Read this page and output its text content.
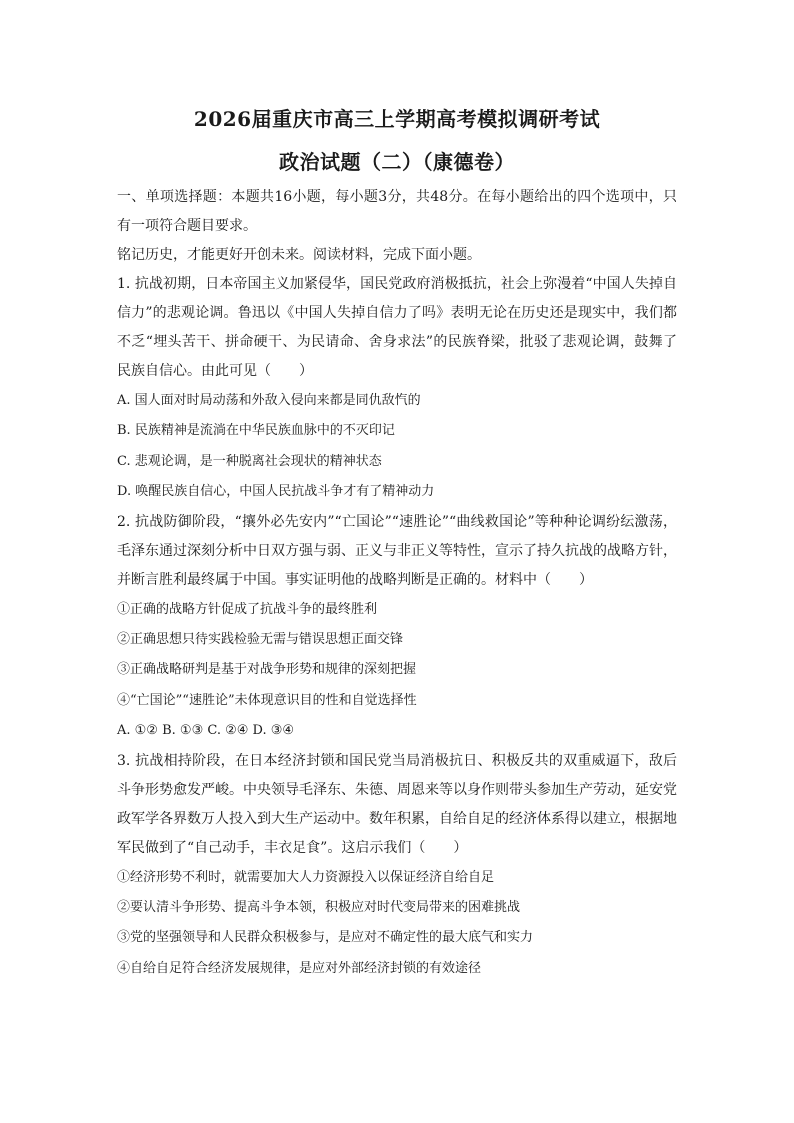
2026届重庆市高三上学期高考模拟调研考试
政治试题（二）（康德卷）

一、单项选择题：本题共16小题，每小题3分，共48分。在每小题给出的四个选项中，只有一项符合题目要求。

铭记历史，才能更好开创未来。阅读材料，完成下面小题。

1. 抗战初期，日本帝国主义加紧侵华，国民党政府消极抵抗，社会上弥漫着“中国人失掉自信力”的悲观论调。鲁迅以《中国人失掉自信力了吗》表明无论在历史还是现实中，我们都不乏“埋头苦干、拼命硬干、为民请命、舍身求法”的民族脊梁，批驳了悲观论调，鼓舞了民族自信心。由此可见（　　）

A. 国人面对时局动荡和外敌入侵向来都是同仇敌忾的

B. 民族精神是流淌在中华民族血脉中的不灭印记

C. 悲观论调，是一种脱离社会现状的精神状态

D. 唤醒民族自信心，中国人民抗战斗争才有了精神动力

2. 抗战防御阶段，“攘外必先安内”“亡国论”“速胜论”“曲线救国论”等种种论调纷纭激荡，毛泽东通过深刻分析中日双方强与弱、正义与非正义等特性，宣示了持久抗战的战略方针，并断言胜利最终属于中国。事实证明他的战略判断是正确的。材料中（　　）

①正确的战略方针促成了抗战斗争的最终胜利

②正确思想只待实践检验无需与错误思想正面交锋

③正确战略研判是基于对战争形势和规律的深刻把握

④“亡国论”“速胜论”未体现意识目的性和自觉选择性

A. ①② B. ①③ C. ②④ D. ③④

3. 抗战相持阶段，在日本经济封锁和国民党当局消极抗日、积极反共的双重威逼下，敌后斗争形势愈发严峻。中央领导毛泽东、朱德、周恩来等以身作则带头参加生产劳动，延安党政军学各界数万人投入到大生产运动中。数年积累，自给自足的经济体系得以建立，根据地军民做到了“自己动手，丰衣足食”。这启示我们（　　）

①经济形势不利时，就需要加大人力资源投入以保证经济自给自足

②要认清斗争形势、提高斗争本领，积极应对时代变局带来的困难挑战

③党的坚强领导和人民群众积极参与，是应对不确定性的最大底气和实力

④自给自足符合经济发展规律，是应对外部经济封锁的有效途径
